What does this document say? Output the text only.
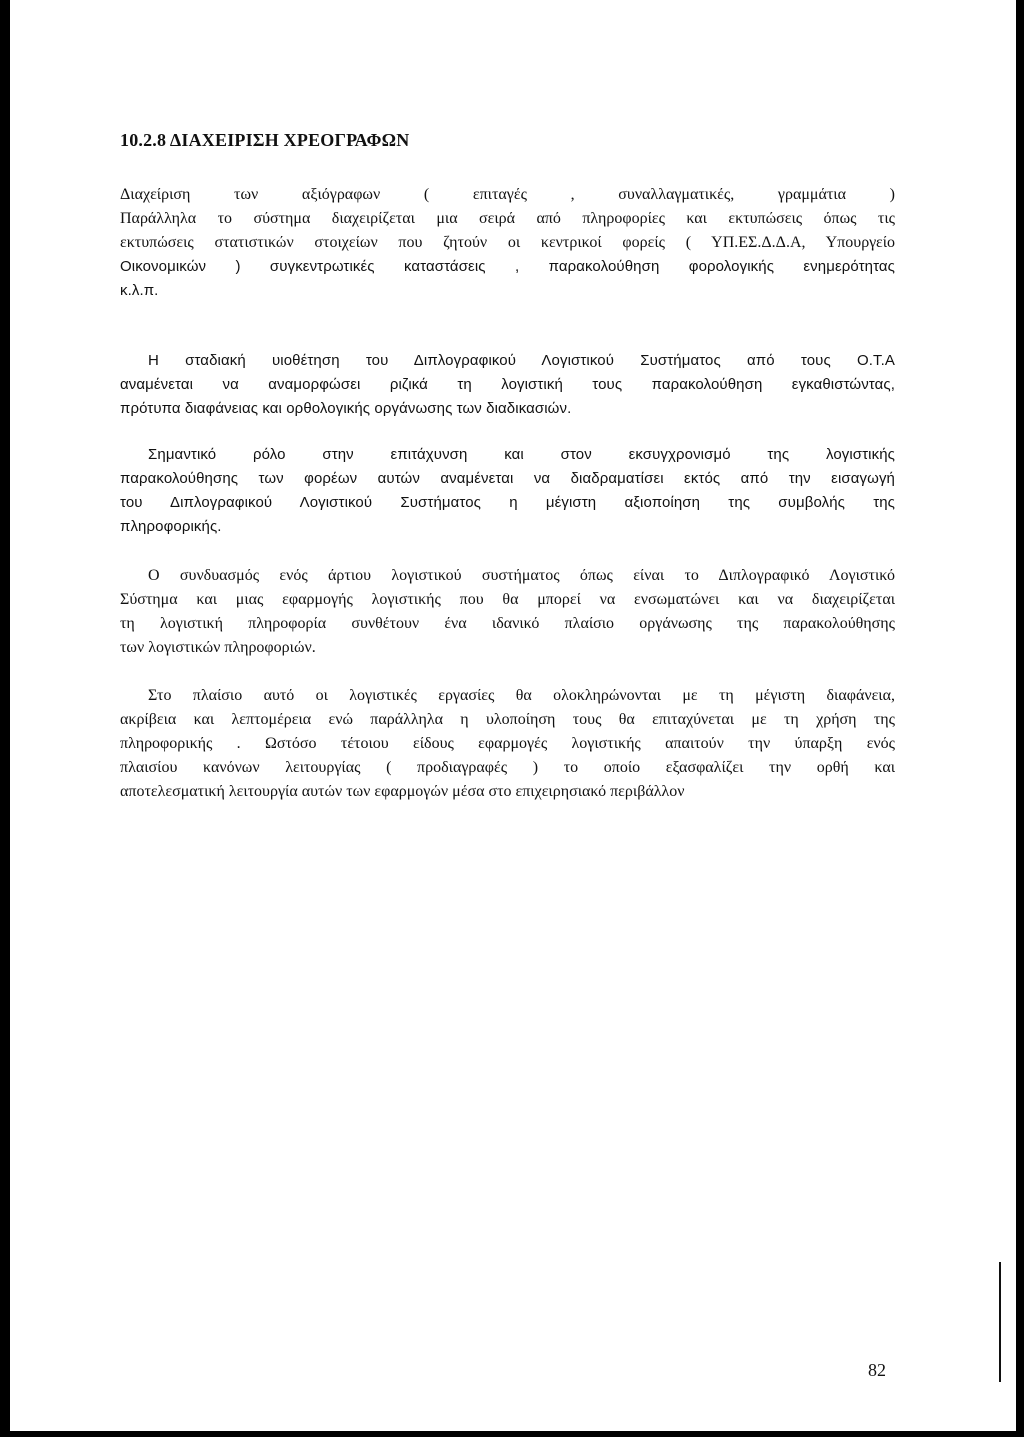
10.2.8 ΔΙΑΧΕΙΡΙΣΗ ΧΡΕΟΓΡΑΦΩΝ

Διαχείριση των αξιόγραφων ( επιταγές , συναλλαγματικές, γραμμάτια )
Παράλληλα το σύστημα διαχειρίζεται μια σειρά από πληροφορίες και εκτυπώσεις όπως τις
εκτυπώσεις στατιστικών στοιχείων που ζητούν οι κεντρικοί φορείς ( ΥΠ.ΕΣ.Δ.Δ.Α, Υπουργείο
Οικονομικών ) συγκεντρωτικές καταστάσεις , παρακολούθηση φορολογικής ενημερότητας
κ.λ.π.

Η σταδιακή υιοθέτηση του Διπλογραφικού Λογιστικού Συστήματος από τους Ο.Τ.Α
αναμένεται να αναμορφώσει ριζικά τη λογιστική τους παρακολούθηση εγκαθιστώντας,
πρότυπα διαφάνειας και ορθολογικής οργάνωσης των διαδικασιών.

Σημαντικό ρόλο στην επιτάχυνση και στον εκσυγχρονισμό της λογιστικής
παρακολούθησης των φορέων αυτών αναμένεται να διαδραματίσει εκτός από την εισαγωγή
του Διπλογραφικού Λογιστικού Συστήματος η μέγιστη αξιοποίηση της συμβολής της
πληροφορικής.

Ο συνδυασμός ενός άρτιου λογιστικού συστήματος όπως είναι το Διπλογραφικό Λογιστικό
Σύστημα και μιας εφαρμογής λογιστικής που θα μπορεί να ενσωματώνει και να διαχειρίζεται
τη λογιστική πληροφορία συνθέτουν ένα ιδανικό πλαίσιο οργάνωσης της παρακολούθησης
των λογιστικών πληροφοριών.

Στο πλαίσιο αυτό οι λογιστικές εργασίες θα ολοκληρώνονται με τη μέγιστη διαφάνεια,
ακρίβεια και λεπτομέρεια ενώ παράλληλα η υλοποίηση τους θα επιταχύνεται με τη χρήση της
πληροφορικής . Ωστόσο τέτοιου είδους εφαρμογές λογιστικής απαιτούν την ύπαρξη ενός
πλαισίου κανόνων λειτουργίας ( προδιαγραφές ) το οποίο εξασφαλίζει την ορθή και
αποτελεσματική λειτουργία αυτών των εφαρμογών μέσα στο επιχειρησιακό περιβάλλον

82
